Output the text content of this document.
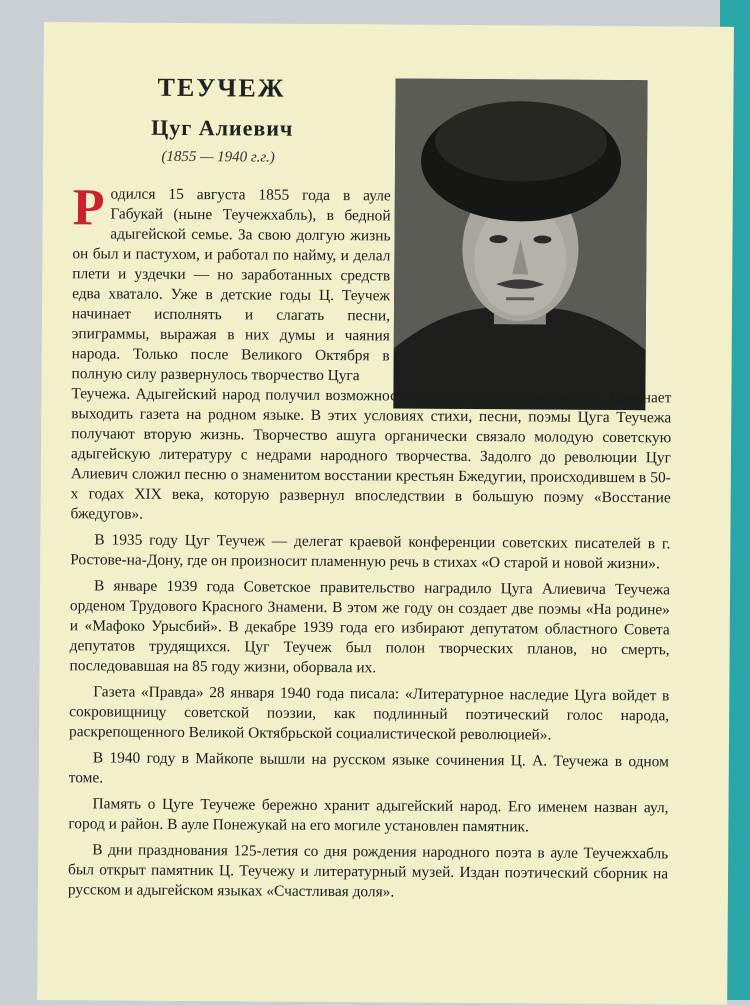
ТЕУЧЕЖ
Цуг Алиевич
(1855 — 1940 г.г.)

Родился 15 августа 1855 года в ауле Габукай (ныне Теучежхабль), в бедной адыгейской семье. За свою долгую жизнь он был и пастухом, и работал по найму, и делал плети и уздечки — но заработанных средств едва хватало. Уже в детские годы Ц. Теучеж начинает исполнять и слагать песни, эпиграммы, выражая в них думы и чаяния народа. Только после Великого Октября в полную силу развернулось творчество Цуга

Теучежа. Адыгейский народ получил возможность создать свою письменность. Начинает выходить газета на родном языке. В этих условиях стихи, песни, поэмы Цуга Теучежа получают вторую жизнь. Творчество ашуга органически связало молодую советскую адыгейскую литературу с недрами народного творчества. Задолго до революции Цуг Алиевич сложил песню о знаменитом восстании крестьян Бжедугии, происходившем в 50-х годах XIX века, которую развернул впоследствии в большую поэму «Восстание бжедугов».

В 1935 году Цуг Теучеж — делегат краевой конференции советских писателей в г. Ростове-на-Дону, где он произносит пламенную речь в стихах «О старой и новой жизни».

В январе 1939 года Советское правительство наградило Цуга Алиевича Теучежа орденом Трудового Красного Знамени. В этом же году он создает две поэмы «На родине» и «Мафоко Урысбий». В декабре 1939 года его избирают депутатом областного Совета депутатов трудящихся. Цуг Теучеж был полон творческих планов, но смерть, последовавшая на 85 году жизни, оборвала их.

Газета «Правда» 28 января 1940 года писала: «Литературное наследие Цуга войдет в сокровищницу советской поэзии, как подлинный поэтический голос народа, раскрепощенного Великой Октябрьской социалистической революцией».

В 1940 году в Майкопе вышли на русском языке сочинения Ц. А. Теучежа в одном томе.

Память о Цуге Теучеже бережно хранит адыгейский народ. Его именем назван аул, город и район. В ауле Понежукай на его могиле установлен памятник.

В дни празднования 125-летия со дня рождения народного поэта в ауле Теучежхабль был открыт памятник Ц. Теучежу и литературный музей. Издан поэтический сборник на русском и адыгейском языках «Счастливая доля».
